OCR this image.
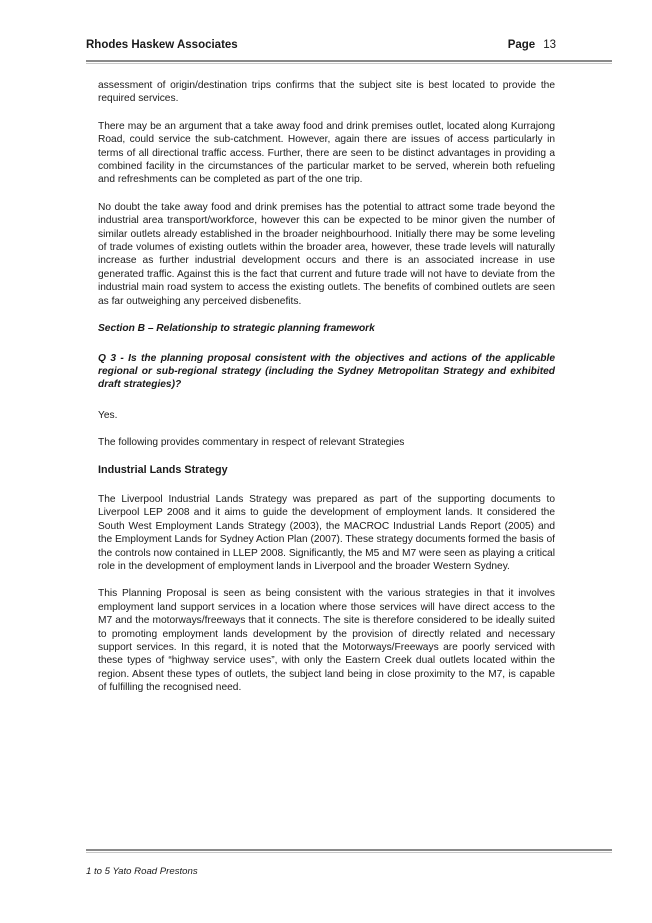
Rhodes Haskew Associates	Page 13

assessment of origin/destination trips confirms that the subject site is best located to provide the required services.

There may be an argument that a take away food and drink premises outlet, located along Kurrajong Road, could service the sub-catchment. However, again there are issues of access particularly in terms of all directional traffic access. Further, there are seen to be distinct advantages in providing a combined facility in the circumstances of the particular market to be served, wherein both refueling and refreshments can be completed as part of the one trip.

No doubt the take away food and drink premises has the potential to attract some trade beyond the industrial area transport/workforce, however this can be expected to be minor given the number of similar outlets already established in the broader neighbourhood. Initially there may be some leveling of trade volumes of existing outlets within the broader area, however, these trade levels will naturally increase as further industrial development occurs and there is an associated increase in use generated traffic. Against this is the fact that current and future trade will not have to deviate from the industrial main road system to access the existing outlets. The benefits of combined outlets are seen as far outweighing any perceived disbenefits.

Section B – Relationship to strategic planning framework

Q 3 - Is the planning proposal consistent with the objectives and actions of the applicable regional or sub-regional strategy (including the Sydney Metropolitan Strategy and exhibited draft strategies)?

Yes.

The following provides commentary in respect of relevant Strategies

Industrial Lands Strategy

The Liverpool Industrial Lands Strategy was prepared as part of the supporting documents to Liverpool LEP 2008 and it aims to guide the development of employment lands. It considered the South West Employment Lands Strategy (2003), the MACROC Industrial Lands Report (2005) and the Employment Lands for Sydney Action Plan (2007). These strategy documents formed the basis of the controls now contained in LLEP 2008. Significantly, the M5 and M7 were seen as playing a critical role in the development of employment lands in Liverpool and the broader Western Sydney.

This Planning Proposal is seen as being consistent with the various strategies in that it involves employment land support services in a location where those services will have direct access to the M7 and the motorways/freeways that it connects. The site is therefore considered to be ideally suited to promoting employment lands development by the provision of directly related and necessary support services. In this regard, it is noted that the Motorways/Freeways are poorly serviced with these types of “highway service uses”, with only the Eastern Creek dual outlets located within the region. Absent these types of outlets, the subject land being in close proximity to the M7, is capable of fulfilling the recognised need.

1 to 5 Yato Road Prestons
